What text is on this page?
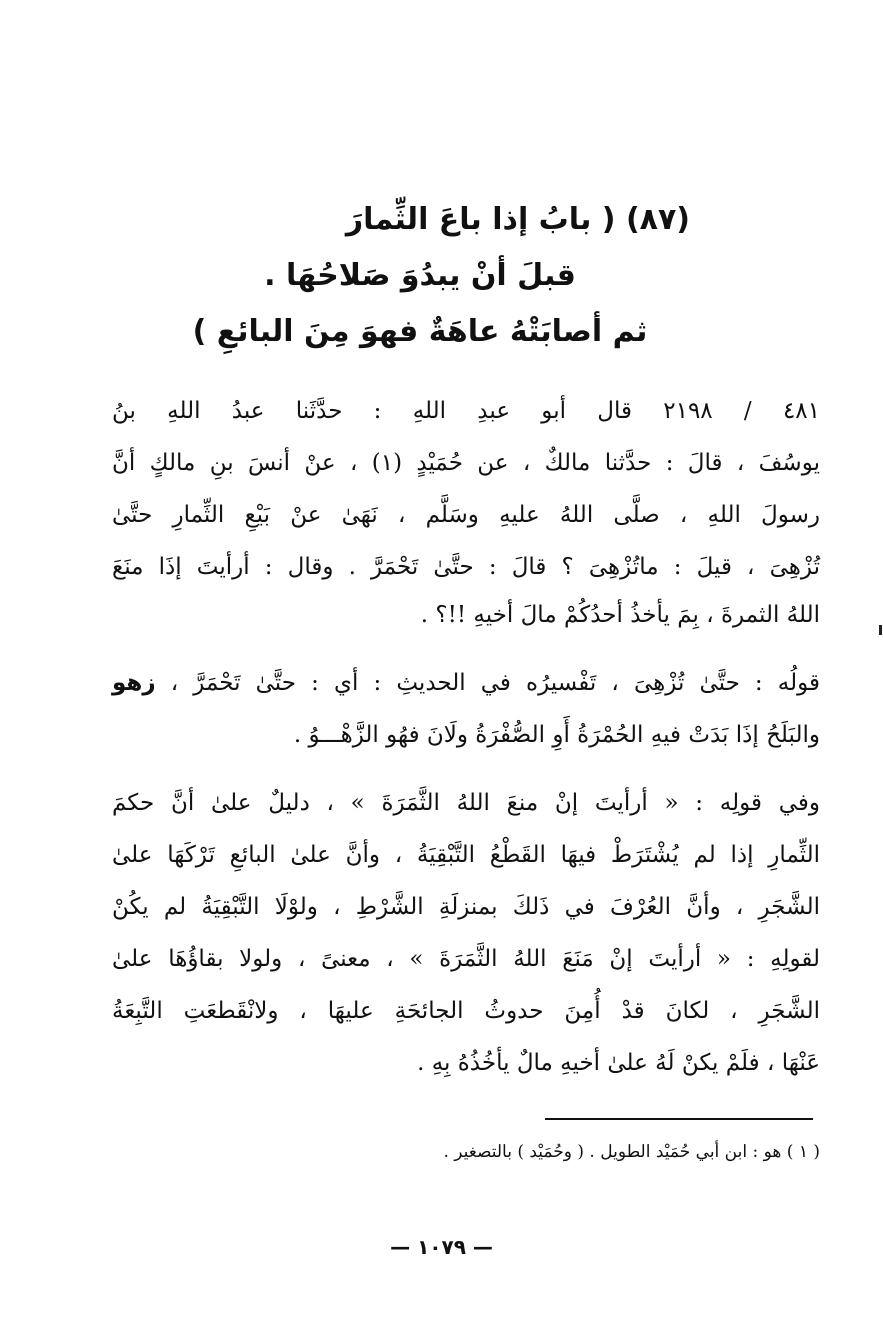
(٨٧) ( بابُ إذا باعَ الثِّمارَ
قبلَ أنْ يبدُوَ صَلاحُهَا .
ثم أصابَتْهُ عاهَةٌ فهوَ مِنَ البائعِ )
٤٨١ / ٢١٩٨ قال أبو عبدِ اللهِ : حدَّثَنا عبدُ اللهِ بنُ
يوسُفَ ، قالَ : حدَّثنا مالكٌ ، عن حُمَيْدٍ (١) ، عنْ أنسَ بنِ مالكٍ أنَّ
رسولَ اللهِ ، صلَّى اللهُ عليهِ وسَلَّم ، نَهَىٰ عنْ بَيْعِ الثِّمارِ حتَّىٰ
تُزْهِىَ ، قيلَ : ماتُزْهِىَ ؟ قالَ : حتَّىٰ تَحْمَرَّ . وقال : أرأيتَ إذَا منَعَ
اللهُ الثمرةَ ، بِمَ يأخذُ أحدُكُمْ مالَ أخيهِ !!؟ .
قولُه : حتَّىٰ تُزْهِىَ ، تَفْسيرُه في الحديثِ : أي : حتَّىٰ تَحْمَرَّ ، زهو
والبَلَحُ إذَا بَدَتْ فيهِ الحُمْرَةُ أَوِ الصُّفْرَةُ ولَانَ فهُو الزَّهْـــوُ .
وفي قولِه : « أرأيتَ إنْ منعَ اللهُ الثَّمَرَةَ » ، دليلٌ علىٰ أنَّ حكمَ
الثِّمارِ إذا لم يُشْتَرَطْ فيهَا القَطْعُ التَّبْقِيَةُ ، وأنَّ علىٰ البائعِ تَرْكَهَا علىٰ
الشَّجَرِ ، وأنَّ العُرْفَ في ذَلكَ بمنزلَةِ الشَّرْطِ ، ولوْلَا التَّبْقِيَةُ لم يكُنْ
لقولِهِ : « أرأيتَ إنْ مَنَعَ اللهُ الثَّمَرَةَ » ، معنىً ، ولولا بقاؤُهَا علىٰ
الشَّجَرِ ، لكانَ قدْ أُمِنَ حدوثُ الجائحَةِ عليهَا ، ولانْقَطعَتِ التَّبِعَةُ
عَنْهَا ، فلَمْ يكنْ لَهُ علىٰ أخيهِ مالٌ يأخُذُهُ بِهِ .
( ١ ) هو : ابن أبي حُمَيْد الطويل . ( وحُمَيْد ) بالتصغير .
— ١٠٧٩ —
